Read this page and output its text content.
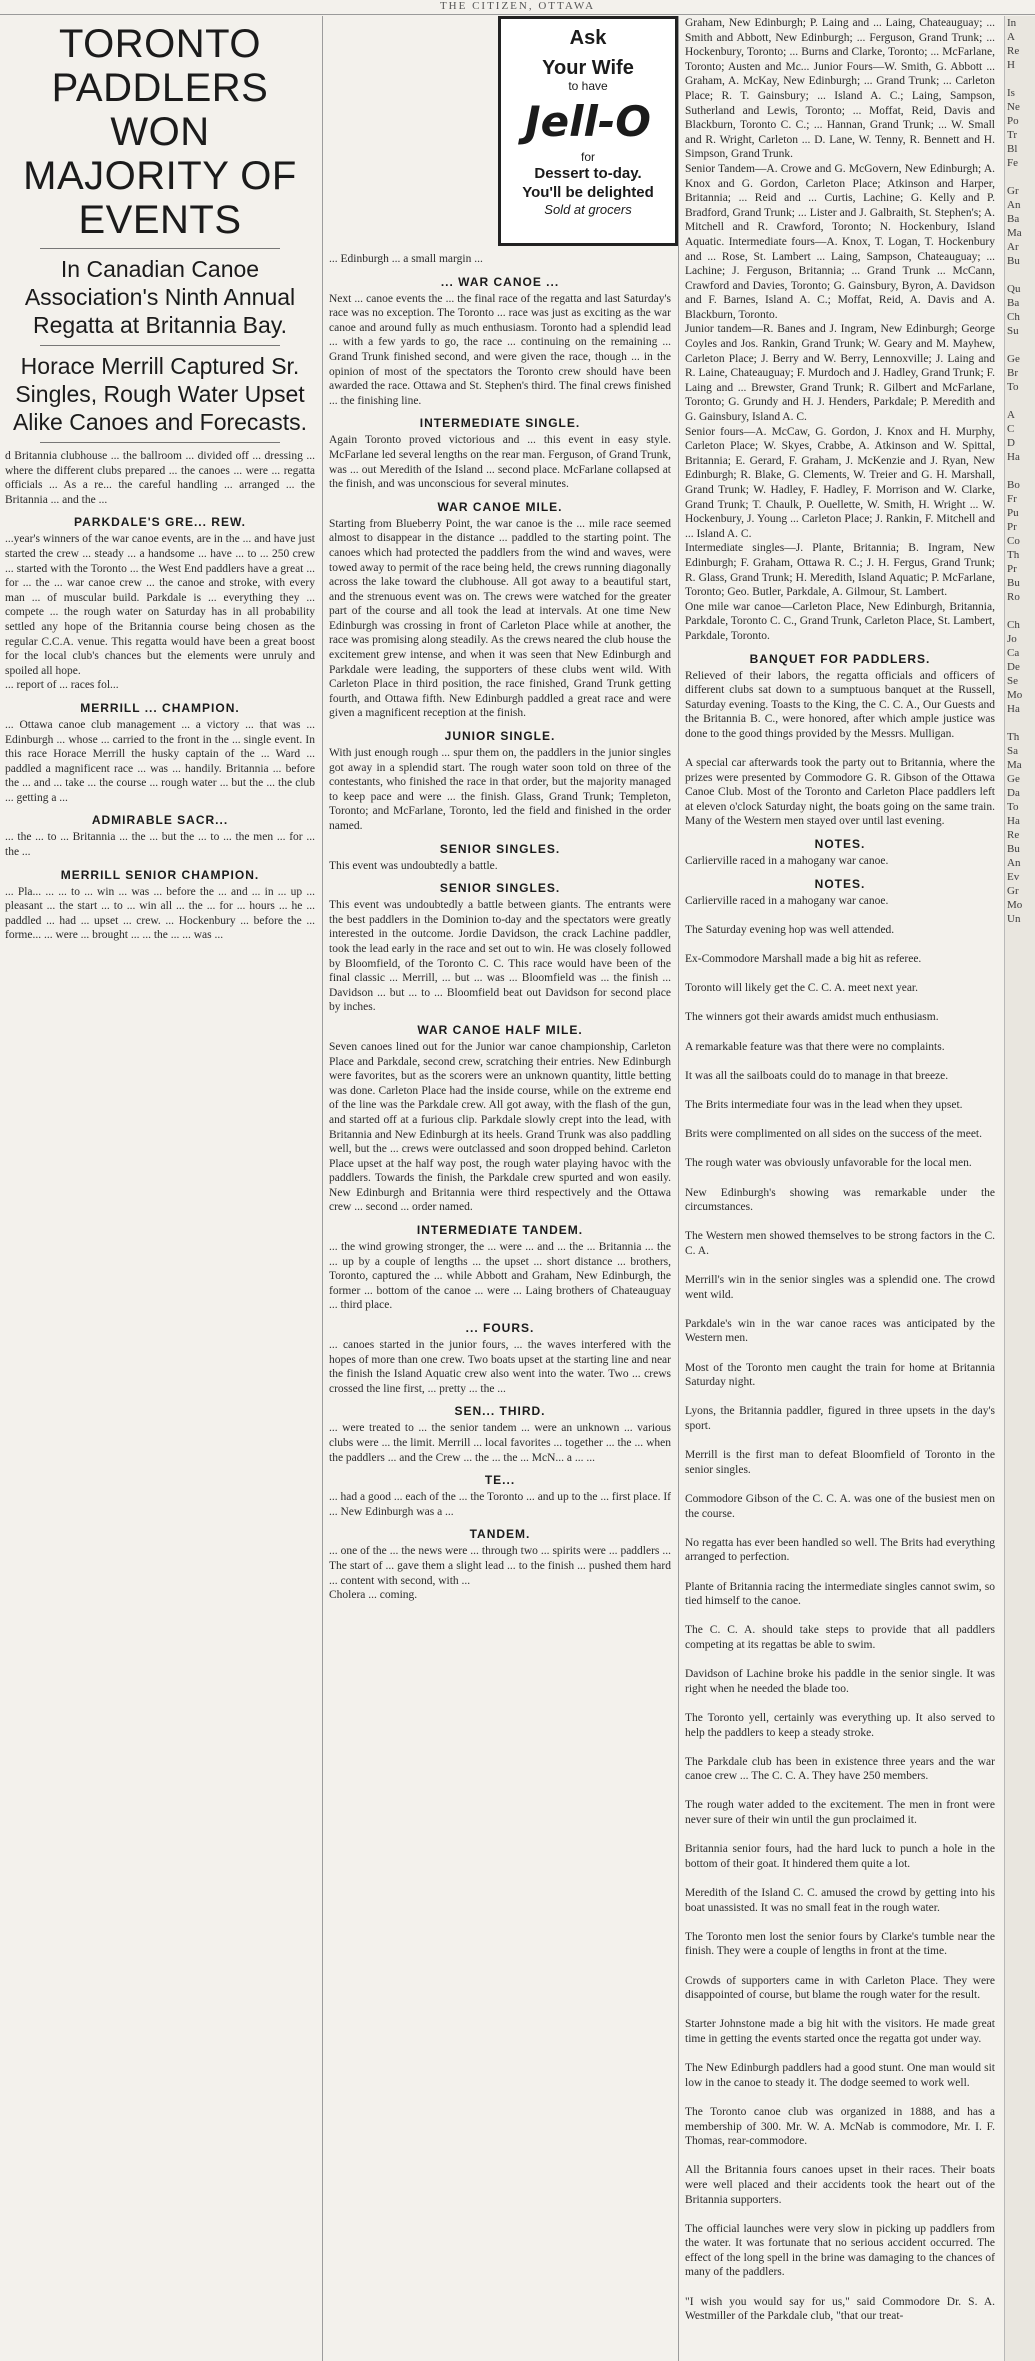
THE CITIZEN, OTTAWA
TORONTO PADDLERS WON MAJORITY OF EVENTS
In Canadian Canoe Association's Ninth Annual Regatta at Britannia Bay.
Horace Merrill Captured Sr. Singles, Rough Water Upset Alike Canoes and Forecasts.
d Britannia clubhouse ... the ballroom ... divided off ... dressing ... where the different clubs prepared ... the canoes ... were ... regatta officials ... As a re... the careful handling ... arranged ... the Britannia ... and the ...
PARKDALE'S GRE... REW.
...year's winners of the war canoe events, are in the ... and have just started the crew ... steady ... a handsome ... have ... to ... 250 crew ... started with the Toronto ... the West End paddlers have a great ... for ... the ... war canoe crew ... the canoe and stroke, with every man ... of muscular build. Parkdale is ... everything they ... compete ... the rough water on Saturday has in all probability settled any hope of the Britannia course being chosen as the regular C.C.A. venue. This regatta would have been a great boost for the local club's chances but the elements were unruly and spoiled all hope.
... report of ... races fol...
MERRILL ... CHAMPION.
... Ottawa canoe club management ... a victory ... that was ... Edinburgh ... whose ... carried to the front in the ... single event. In this race Horace Merrill the husky captain of the ... Ward ... paddled a magnificent race ... was ... handily. Britannia ... before the ... and ... take ... the course ... rough water ... but the ... the club ... getting a ...
ADMIRABLE SACR...
... the ... to ... Britannia ... the ... but the ... to ... the men ... for ... the ...
MERRILL SENIOR CHAMPION.
... Pla... ... ... to ... win ... was ... before the ... and ... in ... up ... pleasant ... the start ... to ... win all ... the ... for ... hours ... he ... paddled ... had ... upset ... crew. ... Hockenbury ... before the ... forme... ... were ... brought ... ... the ... ... was ...
Ask
Your Wife
to have
Jell-O
for
Dessert to-day.
You'll be delighted
Sold at grocers
... Edinburgh ... a small margin ...
... WAR CANOE ...
Next ... canoe events the ... the final race of the regatta and last Saturday's race was no exception. The Toronto ... race was just as exciting as the war canoe and around fully as much enthusiasm. Toronto had a splendid lead ... with a few yards to go, the race ... continuing on the remaining ... Grand Trunk finished second, and were given the race, though ... in the opinion of most of the spectators the Toronto crew should have been awarded the race. Ottawa and St. Stephen's third. The final crews finished ... the finishing line.
INTERMEDIATE SINGLE.
Again Toronto proved victorious and ... this event in easy style. McFarlane led several lengths on the rear man. Ferguson, of Grand Trunk, was ... out Meredith of the Island ... second place. McFarlane collapsed at the finish, and was unconscious for several minutes.
WAR CANOE MILE.
Starting from Blueberry Point, the war canoe is the ... mile race seemed almost to disappear in the distance ... paddled to the starting point. The canoes which had protected the paddlers from the wind and waves, were towed away to permit of the race being held, the crews running diagonally across the lake toward the clubhouse. All got away to a beautiful start, and the strenuous event was on. The crews were watched for the greater part of the course and all took the lead at intervals. At one time New Edinburgh was crossing in front of Carleton Place while at another, the race was promising along steadily. As the crews neared the club house the excitement grew intense, and when it was seen that New Edinburgh and Parkdale were leading, the supporters of these clubs went wild. With Carleton Place in third position, the race finished, Grand Trunk getting fourth, and Ottawa fifth. New Edinburgh paddled a great race and were given a magnificent reception at the finish.
JUNIOR SINGLE.
With just enough rough ... spur them on, the paddlers in the junior singles got away in a splendid start. The rough water soon told on three of the contestants, who finished the race in that order, but the majority managed to keep pace and were ... the finish. Glass, Grand Trunk; Templeton, Toronto; and McFarlane, Toronto, led the field and finished in the order named.
SENIOR SINGLES.
This event was undoubtedly a battle.
SENIOR SINGLES.
This event was undoubtedly a battle between giants. The entrants were the best paddlers in the Dominion to-day and the spectators were greatly interested in the outcome. Jordie Davidson, the crack Lachine paddler, took the lead early in the race and set out to win. He was closely followed by Bloomfield, of the Toronto C. C. This race would have been of the final classic ... Merrill, ... but ... was ... Bloomfield was ... the finish ... Davidson ... but ... to ... Bloomfield beat out Davidson for second place by inches.
WAR CANOE HALF MILE.
Seven canoes lined out for the Junior war canoe championship, Carleton Place and Parkdale, second crew, scratching their entries. New Edinburgh were favorites, but as the scorers were an unknown quantity, little betting was done. Carleton Place had the inside course, while on the extreme end of the line was the Parkdale crew. All got away, with the flash of the gun, and started off at a furious clip. Parkdale slowly crept into the lead, with Britannia and New Edinburgh at its heels. Grand Trunk was also paddling well, but the ... crews were outclassed and soon dropped behind. Carleton Place upset at the half way post, the rough water playing havoc with the paddlers. Towards the finish, the Parkdale crew spurted and won easily. New Edinburgh and Britannia were third respectively and the Ottawa crew ... second ... order named.
INTERMEDIATE TANDEM.
... the wind growing stronger, the ... were ... and ... the ... Britannia ... the ... up by a couple of lengths ... the upset ... short distance ... brothers, Toronto, captured the ... while Abbott and Graham, New Edinburgh, the former ... bottom of the canoe ... were ... Laing brothers of Chateauguay ... third place.
... FOURS.
... canoes started in the junior fours, ... the waves interfered with the hopes of more than one crew. Two boats upset at the starting line and near the finish the Island Aquatic crew also went into the water. Two ... crews crossed the line first, ... pretty ... the ...
SEN... THIRD.
... were treated to ... the senior tandem ... were an unknown ... various clubs were ... the limit. Merrill ... local favorites ... together ... the ... when the paddlers ... and the Crew ... the ... the ... McN... a ... ...
TE...
... had a good ... each of the ... the Toronto ... and up to the ... first place. If ... New Edinburgh was a ...
TANDEM.
... one of the ... the news were ... through two ... spirits were ... paddlers ... The start of ... gave them a slight lead ... to the finish ... pushed them hard ... content with second, with ...
Cholera ... coming.
Graham, New Edinburgh; P. Laing and ... Laing, Chateauguay; ... Smith and Abbott, New Edinburgh; ... Ferguson, Grand Trunk; ... Hockenbury, Toronto; ... Burns and Clarke, Toronto; ... McFarlane, Toronto; Austen and Mc... Junior Fours—W. Smith, G. Abbott ... Graham, A. McKay, New Edinburgh; ... Grand Trunk; ... Carleton Place; R. T. Gainsbury; ... Island A. C.; Laing, Sampson, Sutherland and Lewis, Toronto; ... Moffat, Reid, Davis and Blackburn, Toronto C. C.; ... Hannan, Grand Trunk; ... W. Small and R. Wright, Carleton ... D. Lane, W. Tenny, R. Bennett and H. Simpson, Grand Trunk.
Senior Tandem—A. Crowe and G. McGovern, New Edinburgh; A. Knox and G. Gordon, Carleton Place; Atkinson and Harper, Britannia; ... Reid and ... Curtis, Lachine; G. Kelly and P. Bradford, Grand Trunk; ... Lister and J. Galbraith, St. Stephen's; A. Mitchell and R. Crawford, Toronto; N. Hockenbury, Island Aquatic. Intermediate fours—A. Knox, T. Logan, T. Hockenbury and ... Rose, St. Lambert ... Laing, Sampson, Chateauguay; ... Lachine; J. Ferguson, Britannia; ... Grand Trunk ... McCann, Crawford and Davies, Toronto; G. Gainsbury, Byron, A. Davidson and F. Barnes, Island A. C.; Moffat, Reid, A. Davis and A. Blackburn, Toronto.
Junior tandem—R. Banes and J. Ingram, New Edinburgh; George Coyles and Jos. Rankin, Grand Trunk; W. Geary and M. Mayhew, Carleton Place; J. Berry and W. Berry, Lennoxville; J. Laing and R. Laine, Chateauguay; F. Murdoch and J. Hadley, Grand Trunk; F. Laing and ... Brewster, Grand Trunk; R. Gilbert and McFarlane, Toronto; G. Grundy and H. J. Henders, Parkdale; P. Meredith and G. Gainsbury, Island A. C.
Senior fours—A. McCaw, G. Gordon, J. Knox and H. Murphy, Carleton Place; W. Skyes, Crabbe, A. Atkinson and W. Spittal, Britannia; E. Gerard, F. Graham, J. McKenzie and J. Ryan, New Edinburgh; R. Blake, G. Clements, W. Treier and G. H. Marshall, Grand Trunk; W. Hadley, F. Hadley, F. Morrison and W. Clarke, Grand Trunk; T. Chaulk, P. Ouellette, W. Smith, H. Wright ... W. Hockenbury, J. Young ... Carleton Place; J. Rankin, F. Mitchell and ... Island A. C.
Intermediate singles—J. Plante, Britannia; B. Ingram, New Edinburgh; F. Graham, Ottawa R. C.; J. H. Fergus, Grand Trunk; R. Glass, Grand Trunk; H. Meredith, Island Aquatic; P. McFarlane, Toronto; Geo. Butler, Parkdale, A. Gilmour, St. Lambert.
One mile war canoe—Carleton Place, New Edinburgh, Britannia, Parkdale, Toronto C. C., Grand Trunk, Carleton Place, St. Lambert, Parkdale, Toronto.
BANQUET FOR PADDLERS.
Relieved of their labors, the regatta officials and officers of different clubs sat down to a sumptuous banquet at the Russell, Saturday evening. Toasts to the King, the C. C. A., Our Guests and the Britannia B. C., were honored, after which ample justice was done to the good things provided by the Messrs. Mulligan.

A special car afterwards took the party out to Britannia, where the prizes were presented by Commodore G. R. Gibson of the Ottawa Canoe Club. Most of the Toronto and Carleton Place paddlers left at eleven o'clock Saturday night, the boats going on the same train. Many of the Western men stayed over until last evening.
NOTES.
Carlierville raced in a mahogany war canoe.
NOTES.
Carlierville raced in a mahogany war canoe.

The Saturday evening hop was well attended.

Ex-Commodore Marshall made a big hit as referee.

Toronto will likely get the C. C. A. meet next year.

The winners got their awards amidst much enthusiasm.

A remarkable feature was that there were no complaints.

It was all the sailboats could do to manage in that breeze.

The Brits intermediate four was in the lead when they upset.

Brits were complimented on all sides on the success of the meet.

The rough water was obviously unfavorable for the local men.

New Edinburgh's showing was remarkable under the circumstances.

The Western men showed themselves to be strong factors in the C. C. A.

Merrill's win in the senior singles was a splendid one. The crowd went wild.

Parkdale's win in the war canoe races was anticipated by the Western men.

Most of the Toronto men caught the train for home at Britannia Saturday night.

Lyons, the Britannia paddler, figured in three upsets in the day's sport.

Merrill is the first man to defeat Bloomfield of Toronto in the senior singles.

Commodore Gibson of the C. C. A. was one of the busiest men on the course.

No regatta has ever been handled so well. The Brits had everything arranged to perfection.

Plante of Britannia racing the intermediate singles cannot swim, so tied himself to the canoe.

The C. C. A. should take steps to provide that all paddlers competing at its regattas be able to swim.

Davidson of Lachine broke his paddle in the senior single. It was right when he needed the blade too.

The Toronto yell, certainly was everything up. It also served to help the paddlers to keep a steady stroke.

The Parkdale club has been in existence three years and the war canoe crew ... The C. C. A. They have 250 members.

The rough water added to the excitement. The men in front were never sure of their win until the gun proclaimed it.

Britannia senior fours, had the hard luck to punch a hole in the bottom of their goat. It hindered them quite a lot.

Meredith of the Island C. C. amused the crowd by getting into his boat unassisted. It was no small feat in the rough water.

The Toronto men lost the senior fours by Clarke's tumble near the finish. They were a couple of lengths in front at the time.

Crowds of supporters came in with Carleton Place. They were disappointed of course, but blame the rough water for the result.

Starter Johnstone made a big hit with the visitors. He made great time in getting the events started once the regatta got under way.

The New Edinburgh paddlers had a good stunt. One man would sit low in the canoe to steady it. The dodge seemed to work well.

The Toronto canoe club was organized in 1888, and has a membership of 300. Mr. W. A. McNab is commodore, Mr. I. F. Thomas, rear-commodore.

All the Britannia fours canoes upset in their races. Their boats were well placed and their accidents took the heart out of the Britannia supporters.

The official launches were very slow in picking up paddlers from the water. It was fortunate that no serious accident occurred. The effect of the long spell in the brine was damaging to the chances of many of the paddlers.

"I wish you would say for us," said Commodore Dr. S. A. Westmiller of the Parkdale club, "that our treat-
In
A
Re
H

Is
Ne
Po
Tr
Bl
Fe

Gr
An
Ba
Ma
Ar
Bu

Qu
Ba
Ch
Su

Ge
Br
To

A
C
D
Ha

Bo
Fr
Pu
Pr
Co
Th
Pr
Bu
Ro

Ch
Jo
Ca
De
Se
Mo
Ha

Th
Sa
Ma
Ge
Da
To
Ha
Re
Bu
An
Ev
Gr
Mo
Un
